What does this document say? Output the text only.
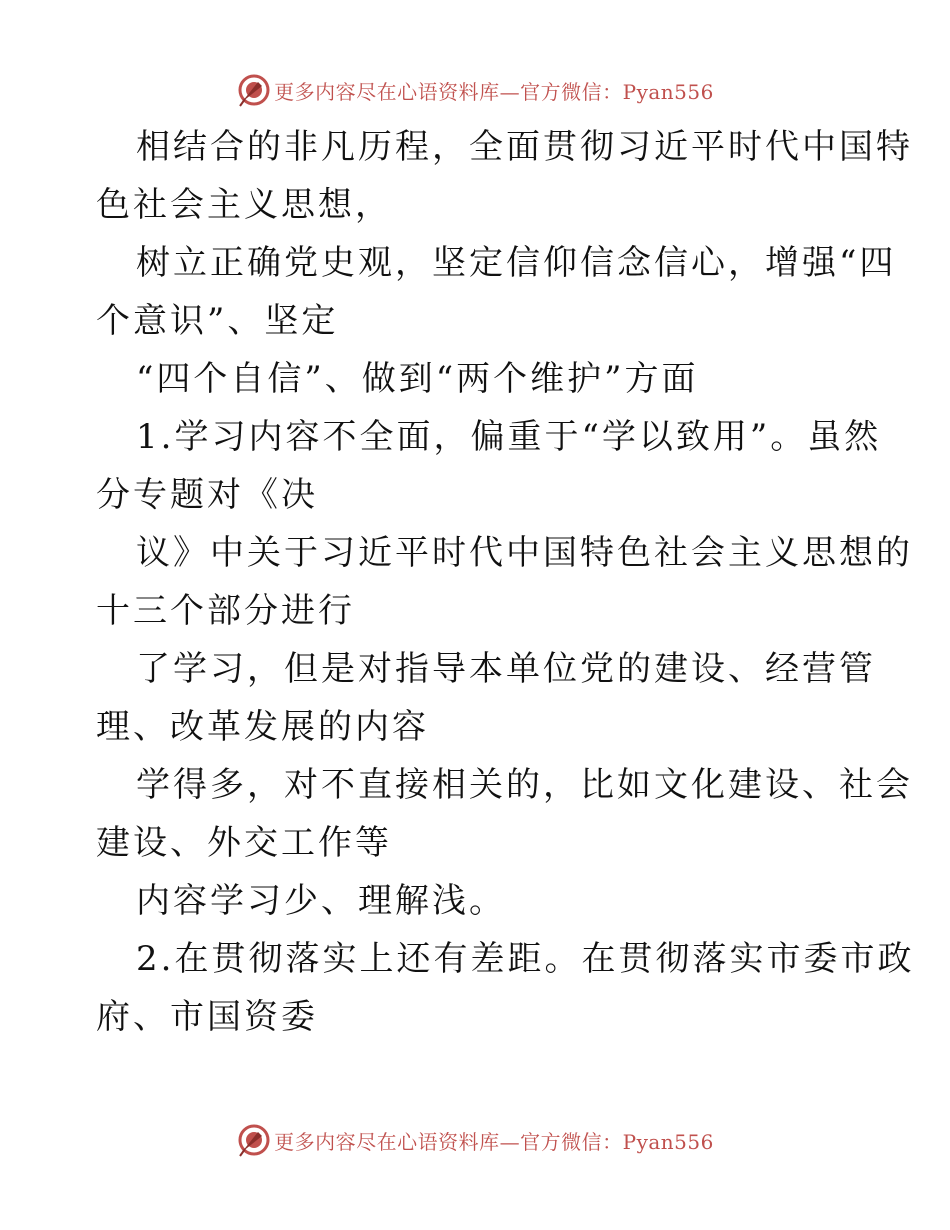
更多内容尽在心语资料库—官方微信：Pyan556
相结合的非凡历程，全面贯彻习近平时代中国特
色社会主义思想，
树立正确党史观，坚定信仰信念信心，增强“四
个意识”、坚定
“四个自信”、做到“两个维护”方面
1.学习内容不全面，偏重于“学以致用”。虽然
分专题对《决
议》中关于习近平时代中国特色社会主义思想的
十三个部分进行
了学习，但是对指导本单位党的建设、经营管
理、改革发展的内容
学得多，对不直接相关的，比如文化建设、社会
建设、外交工作等
内容学习少、理解浅。
2.在贯彻落实上还有差距。在贯彻落实市委市政
府、市国资委
更多内容尽在心语资料库—官方微信：Pyan556
